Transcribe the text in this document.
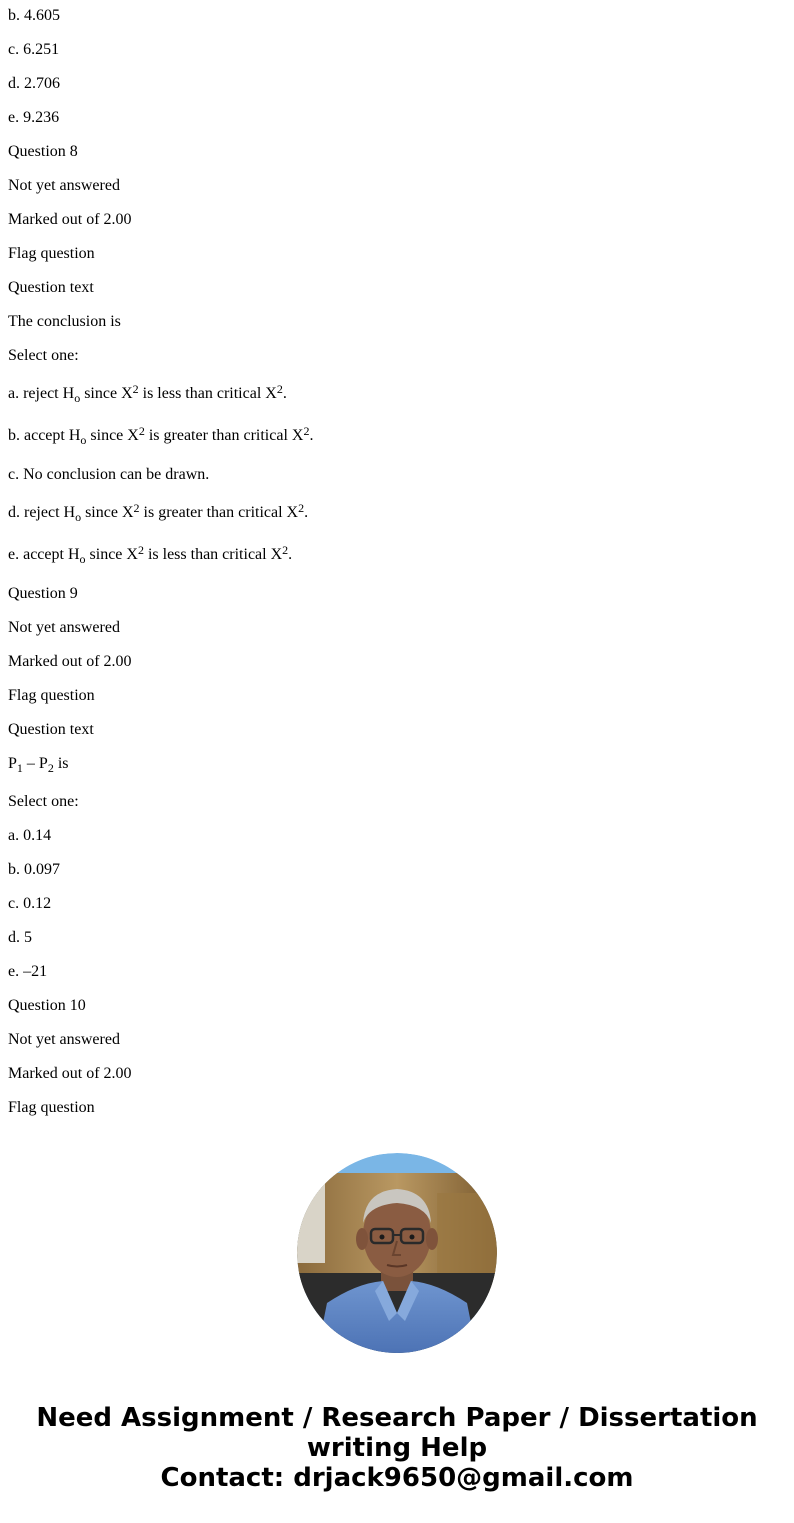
b. 4.605
c. 6.251
d. 2.706
e. 9.236
Question 8
Not yet answered
Marked out of 2.00
Flag question
Question text
The conclusion is
Select one:
a. reject $H_o$ since $X^2$ is less than critical $X^2$.
b. accept $H_o$ since $X^2$ is greater than critical $X^2$.
c. No conclusion can be drawn.
d. reject $H_o$ since $X^2$ is greater than critical $X^2$.
e. accept $H_o$ since $X^2$ is less than critical $X^2$.
Question 9
Not yet answered
Marked out of 2.00
Flag question
Question text
$P_1 - P_2$ is
Select one:
a. 0.14
b. 0.097
c. 0.12
d. 5
e. –21
Question 10
Not yet answered
Marked out of 2.00
Flag question
Need Assignment / Research Paper / Dissertation
writing Help
Contact: drjack9650@gmail.com
